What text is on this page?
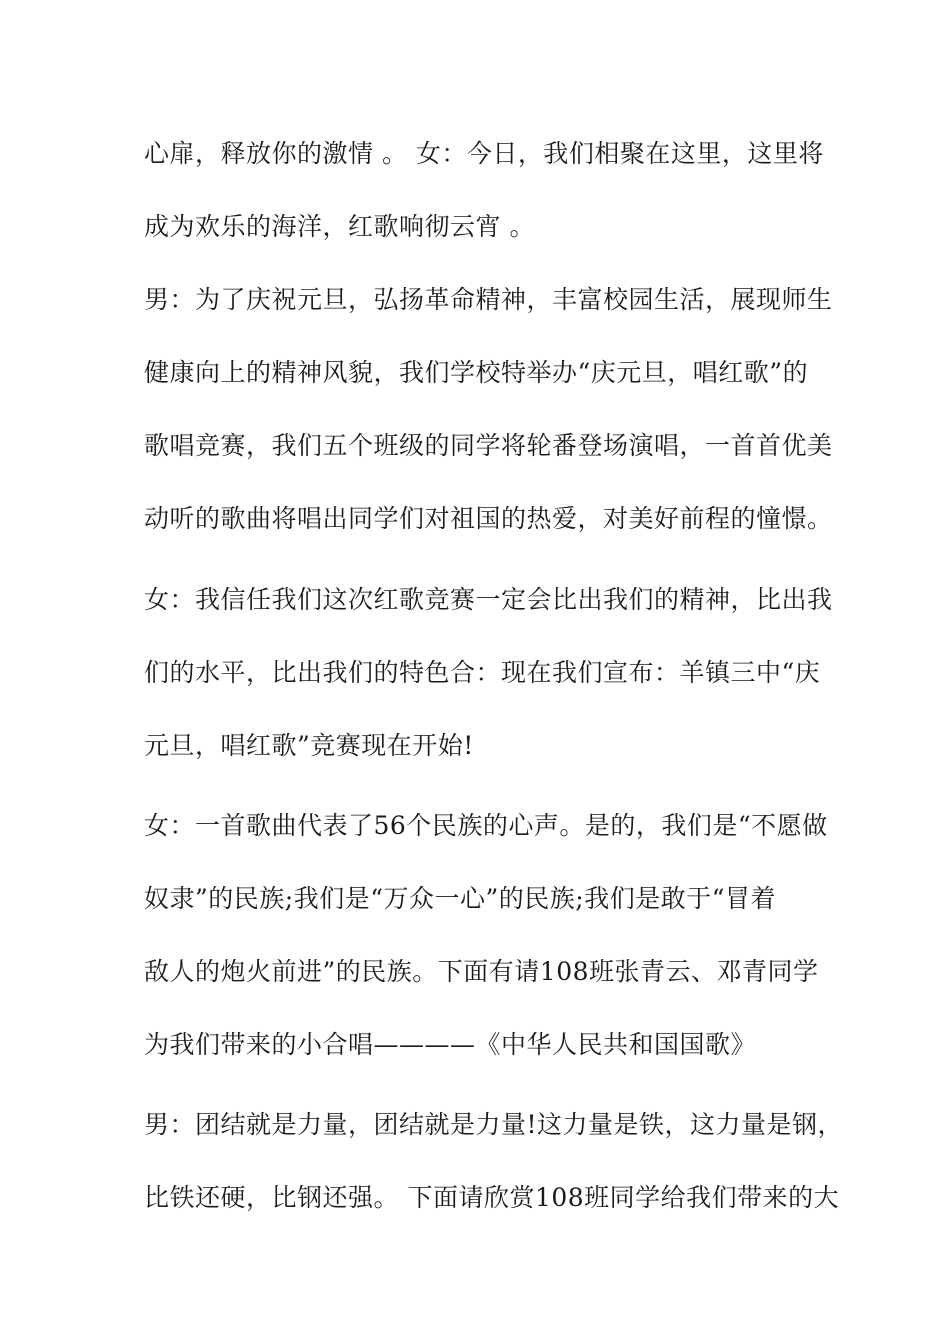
心扉，释放你的激情 。 女：今日，我们相聚在这里，这里将
成为欢乐的海洋，红歌响彻云宵 。
男：为了庆祝元旦，弘扬革命精神，丰富校园生活，展现师生
健康向上的精神风貌，我们学校特举办“庆元旦，唱红歌”的
歌唱竞赛，我们五个班级的同学将轮番登场演唱，一首首优美
动听的歌曲将唱出同学们对祖国的热爱，对美好前程的憧憬。
女：我信任我们这次红歌竞赛一定会比出我们的精神，比出我
们的水平，比出我们的特色合：现在我们宣布：羊镇三中“庆
元旦，唱红歌”竞赛现在开始!
女：一首歌曲代表了56个民族的心声。是的，我们是“不愿做
奴隶”的民族;我们是“万众一心”的民族;我们是敢于“冒着
敌人的炮火前进”的民族。下面有请108班张青云、邓青同学
为我们带来的小合唱————《中华人民共和国国歌》
男：团结就是力量，团结就是力量!这力量是铁，这力量是钢，
比铁还硬，比钢还强。 下面请欣赏108班同学给我们带来的大
